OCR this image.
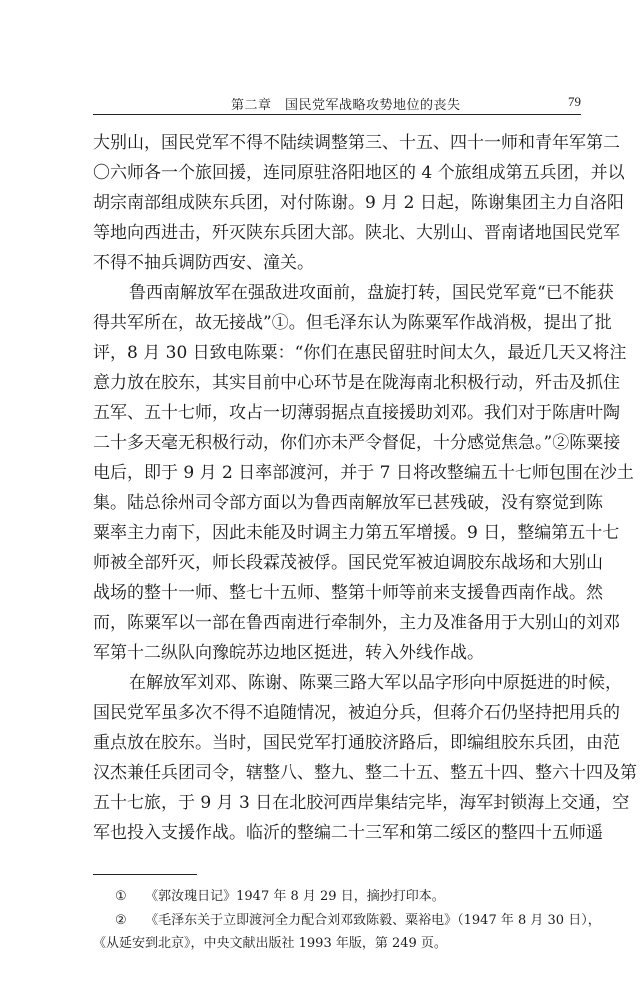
第二章　国民党军战略攻势地位的丧失	79
大别山，国民党军不得不陆续调整第三、十五、四十一师和青年军第二
〇六师各一个旅回援，连同原驻洛阳地区的 4 个旅组成第五兵团，并以
胡宗南部组成陕东兵团，对付陈谢。9 月 2 日起，陈谢集团主力自洛阳
等地向西进击，歼灭陕东兵团大部。陕北、大别山、晋南诸地国民党军
不得不抽兵调防西安、潼关。
鲁西南解放军在强敌进攻面前，盘旋打转，国民党军竟“已不能获
得共军所在，故无接战”①。但毛泽东认为陈粟军作战消极，提出了批
评，8 月 30 日致电陈粟：“你们在惠民留驻时间太久，最近几天又将注
意力放在胶东，其实目前中心环节是在陇海南北积极行动，歼击及抓住
五军、五十七师，攻占一切薄弱据点直接援助刘邓。我们对于陈唐叶陶
二十多天毫无积极行动，你们亦未严令督促，十分感觉焦急。”②陈粟接
电后，即于 9 月 2 日率部渡河，并于 7 日将改整编五十七师包围在沙土
集。陆总徐州司令部方面以为鲁西南解放军已甚残破，没有察觉到陈
粟率主力南下，因此未能及时调主力第五军增援。9 日，整编第五十七
师被全部歼灭，师长段霖茂被俘。国民党军被迫调胶东战场和大别山
战场的整十一师、整七十五师、整第十师等前来支援鲁西南作战。然
而，陈粟军以一部在鲁西南进行牵制外，主力及准备用于大别山的刘邓
军第十二纵队向豫皖苏边地区挺进，转入外线作战。
在解放军刘邓、陈谢、陈粟三路大军以品字形向中原挺进的时候，
国民党军虽多次不得不追随情况，被迫分兵，但蒋介石仍坚持把用兵的
重点放在胶东。当时，国民党军打通胶济路后，即编组胶东兵团，由范
汉杰兼任兵团司令，辖整八、整九、整二十五、整五十四、整六十四及第
五十七旅，于 9 月 3 日在北胶河西岸集结完毕，海军封锁海上交通，空
军也投入支援作战。临沂的整编二十三军和第二绥区的整四十五师遥
① 《郭汝瑰日记》1947 年 8 月 29 日，摘抄打印本。
② 《毛泽东关于立即渡河全力配合刘邓致陈毅、粟裕电》（1947 年 8 月 30 日），
《从延安到北京》，中央文献出版社 1993 年版，第 249 页。
